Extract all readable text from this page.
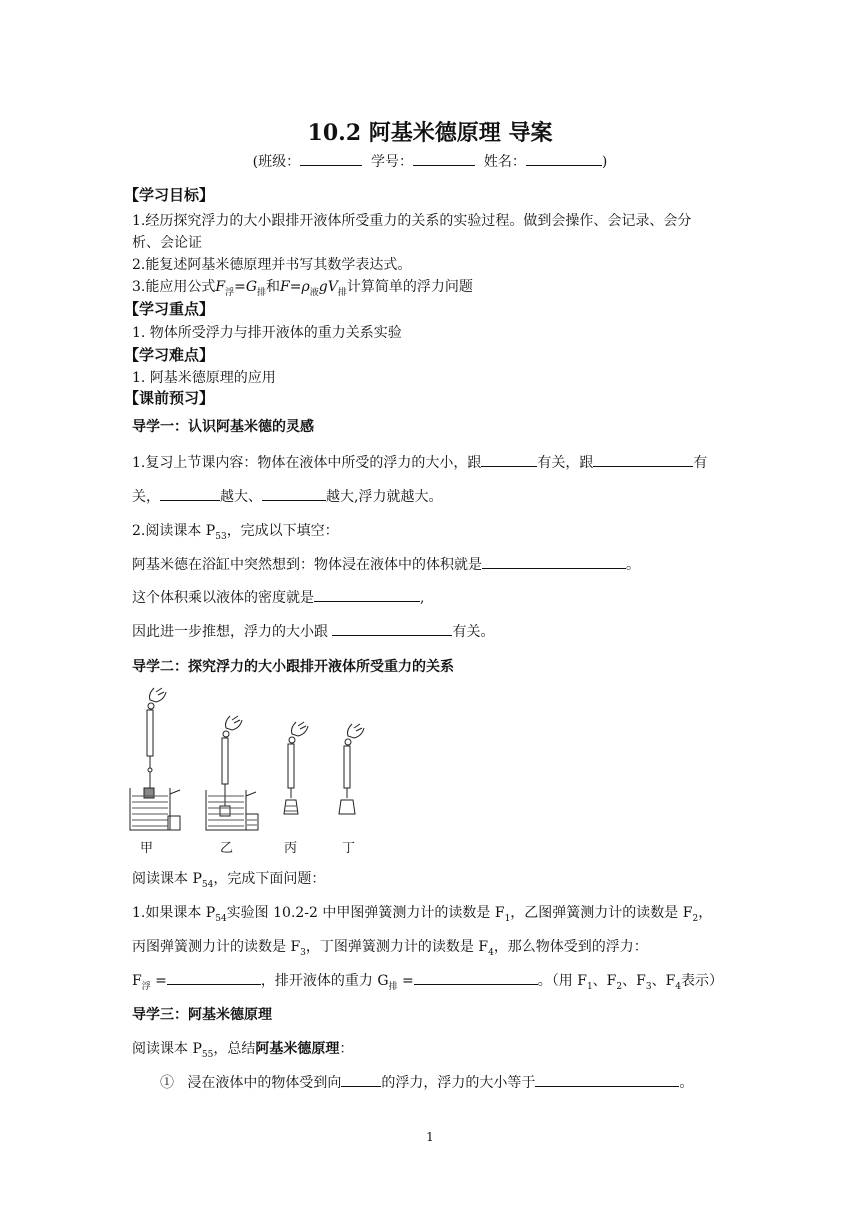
10.2 阿基米德原理 导案
(班级：	学号：	姓名：	)
【学习目标】
1.经历探究浮力的大小跟排开液体所受重力的关系的实验过程。做到会操作、会记录、会分
析、会论证
2.能复述阿基米德原理并书写其数学表达式。
3.能应用公式$F_浮=G_排$和$F=\rho_液gV_排$计算简单的浮力问题
【学习重点】
1. 物体所受浮力与排开液体的重力关系实验
【学习难点】
1. 阿基米德原理的应用
【课前预习】
导学一：认识阿基米德的灵感
1.复习上节课内容：物体在液体中所受的浮力的大小，跟	有关，跟	有
关，	越大、	越大,浮力就越大。
2.阅读课本 $P_{53}$，完成以下填空：
阿基米德在浴缸中突然想到：物体浸在液体中的体积就是	。
这个体积乘以液体的密度就是	,
因此进一步推想，浮力的大小跟	有关。
导学二：探究浮力的大小跟排开液体所受重力的关系
甲	乙	丙	丁
阅读课本 $P_{54}$，完成下面问题：
1.如果课本 $P_{54}$实验图 10.2-2 中甲图弹簧测力计的读数是 $F_1$，乙图弹簧测力计的读数是 $F_2$，
丙图弹簧测力计的读数是 $F_3$，丁图弹簧测力计的读数是 $F_4$，那么物体受到的浮力：
$F_浮$ =	，排开液体的重力 $G_排$ =	。（用 $F_1$、$F_2$、$F_3$、$F_4$表示）
导学三：阿基米德原理
阅读课本 $P_{55}$，总结阿基米德原理：
① 浸在液体中的物体受到向	的浮力，浮力的大小等于	。
1
